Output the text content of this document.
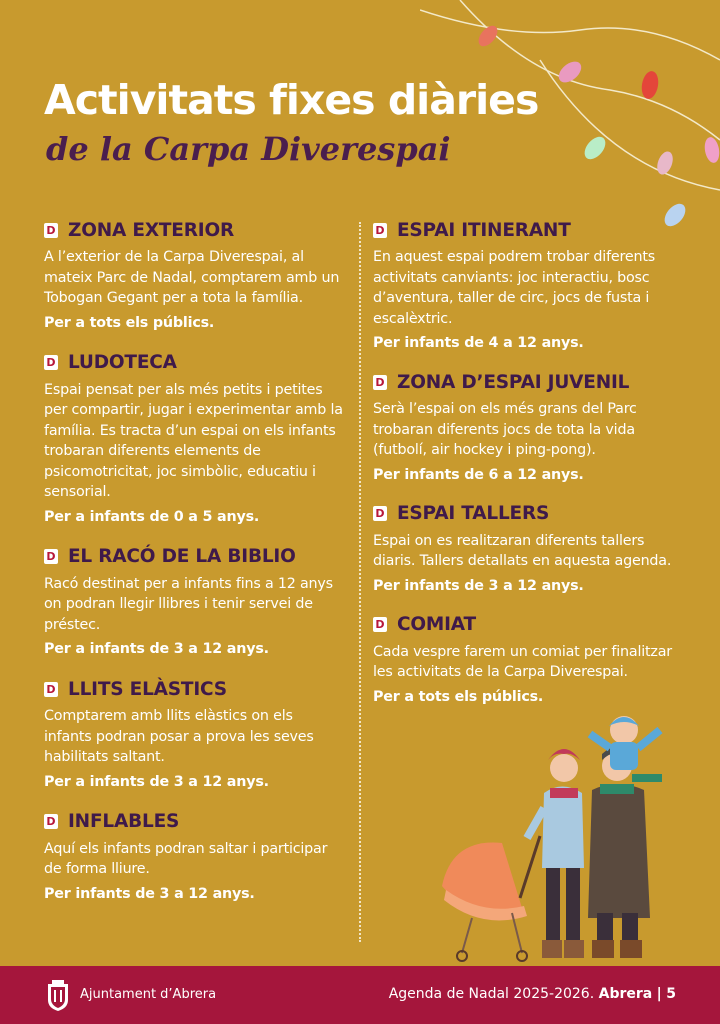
Activitats fixes diàries
de la Carpa Diverespai
D ZONA EXTERIOR
A l’exterior de la Carpa Diverespai, al mateix Parc de Nadal, comptarem amb un Tobogan Gegant per a tota la família.
Per a tots els públics.
D LUDOTECA
Espai pensat per als més petits i petites per compartir, jugar i experimentar amb la família. Es tracta d’un espai on els infants trobaran diferents elements de psicomotricitat, joc simbòlic, educatiu i sensorial.
Per a infants de 0 a 5 anys.
D EL RACÓ DE LA BIBLIO
Racó destinat per a infants fins a 12 anys on podran llegir llibres i tenir servei de préstec.
Per a infants de 3 a 12 anys.
D LLITS ELÀSTICS
Comptarem amb llits elàstics on els infants podran posar a prova les seves habilitats saltant.
Per a infants de 3 a 12 anys.
D INFLABLES
Aquí els infants podran saltar i participar de forma lliure.
Per infants de 3 a 12 anys.
D ESPAI ITINERANT
En aquest espai podrem trobar diferents activitats canviants: joc interactiu, bosc d’aventura, taller de circ, jocs de fusta i escalèxtric.
Per infants de 4 a 12 anys.
D ZONA D’ESPAI JUVENIL
Serà l’espai on els més grans del Parc trobaran diferents jocs de tota la vida (futbolí, air hockey i ping-pong).
Per infants de 6 a 12 anys.
D ESPAI TALLERS
Espai on es realitzaran diferents tallers diaris. Tallers detallats en aquesta agenda.
Per infants de 3 a 12 anys.
D COMIAT
Cada vespre farem un comiat per finalitzar les activitats de la Carpa Diverespai.
Per a tots els públics.
Ajuntament d’Abrera	Agenda de Nadal 2025-2026. Abrera | 5
